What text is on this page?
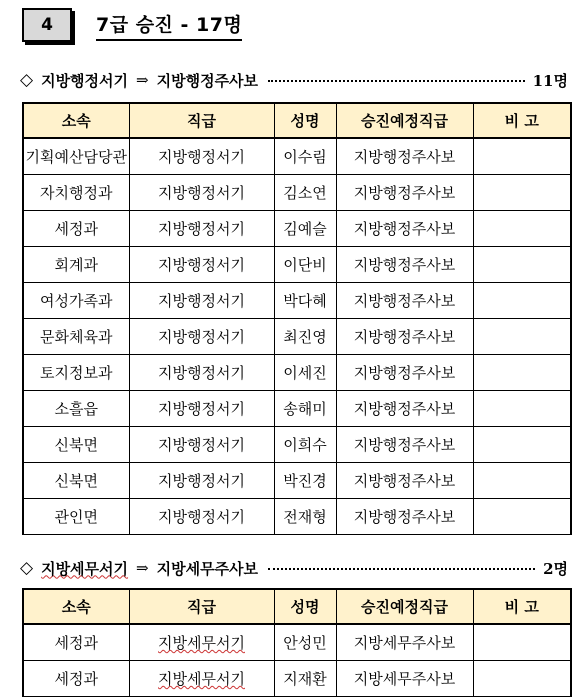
4	7급 승진 - 17명
◇ 지방행정서기 ⇒ 지방행정주사보	11명
소속	직급	성명	승진예정직급	비 고
기획예산담당관	지방행정서기	이수림	지방행정주사보	
자치행정과	지방행정서기	김소연	지방행정주사보	
세정과	지방행정서기	김예슬	지방행정주사보	
회계과	지방행정서기	이단비	지방행정주사보	
여성가족과	지방행정서기	박다혜	지방행정주사보	
문화체육과	지방행정서기	최진영	지방행정주사보	
토지정보과	지방행정서기	이세진	지방행정주사보	
소흘읍	지방행정서기	송해미	지방행정주사보	
신북면	지방행정서기	이희수	지방행정주사보	
신북면	지방행정서기	박진경	지방행정주사보	
관인면	지방행정서기	전재형	지방행정주사보	
◇ 지방세무서기 ⇒ 지방세무주사보	2명
소속	직급	성명	승진예정직급	비 고
세정과	지방세무서기	안성민	지방세무주사보	
세정과	지방세무서기	지재환	지방세무주사보	
